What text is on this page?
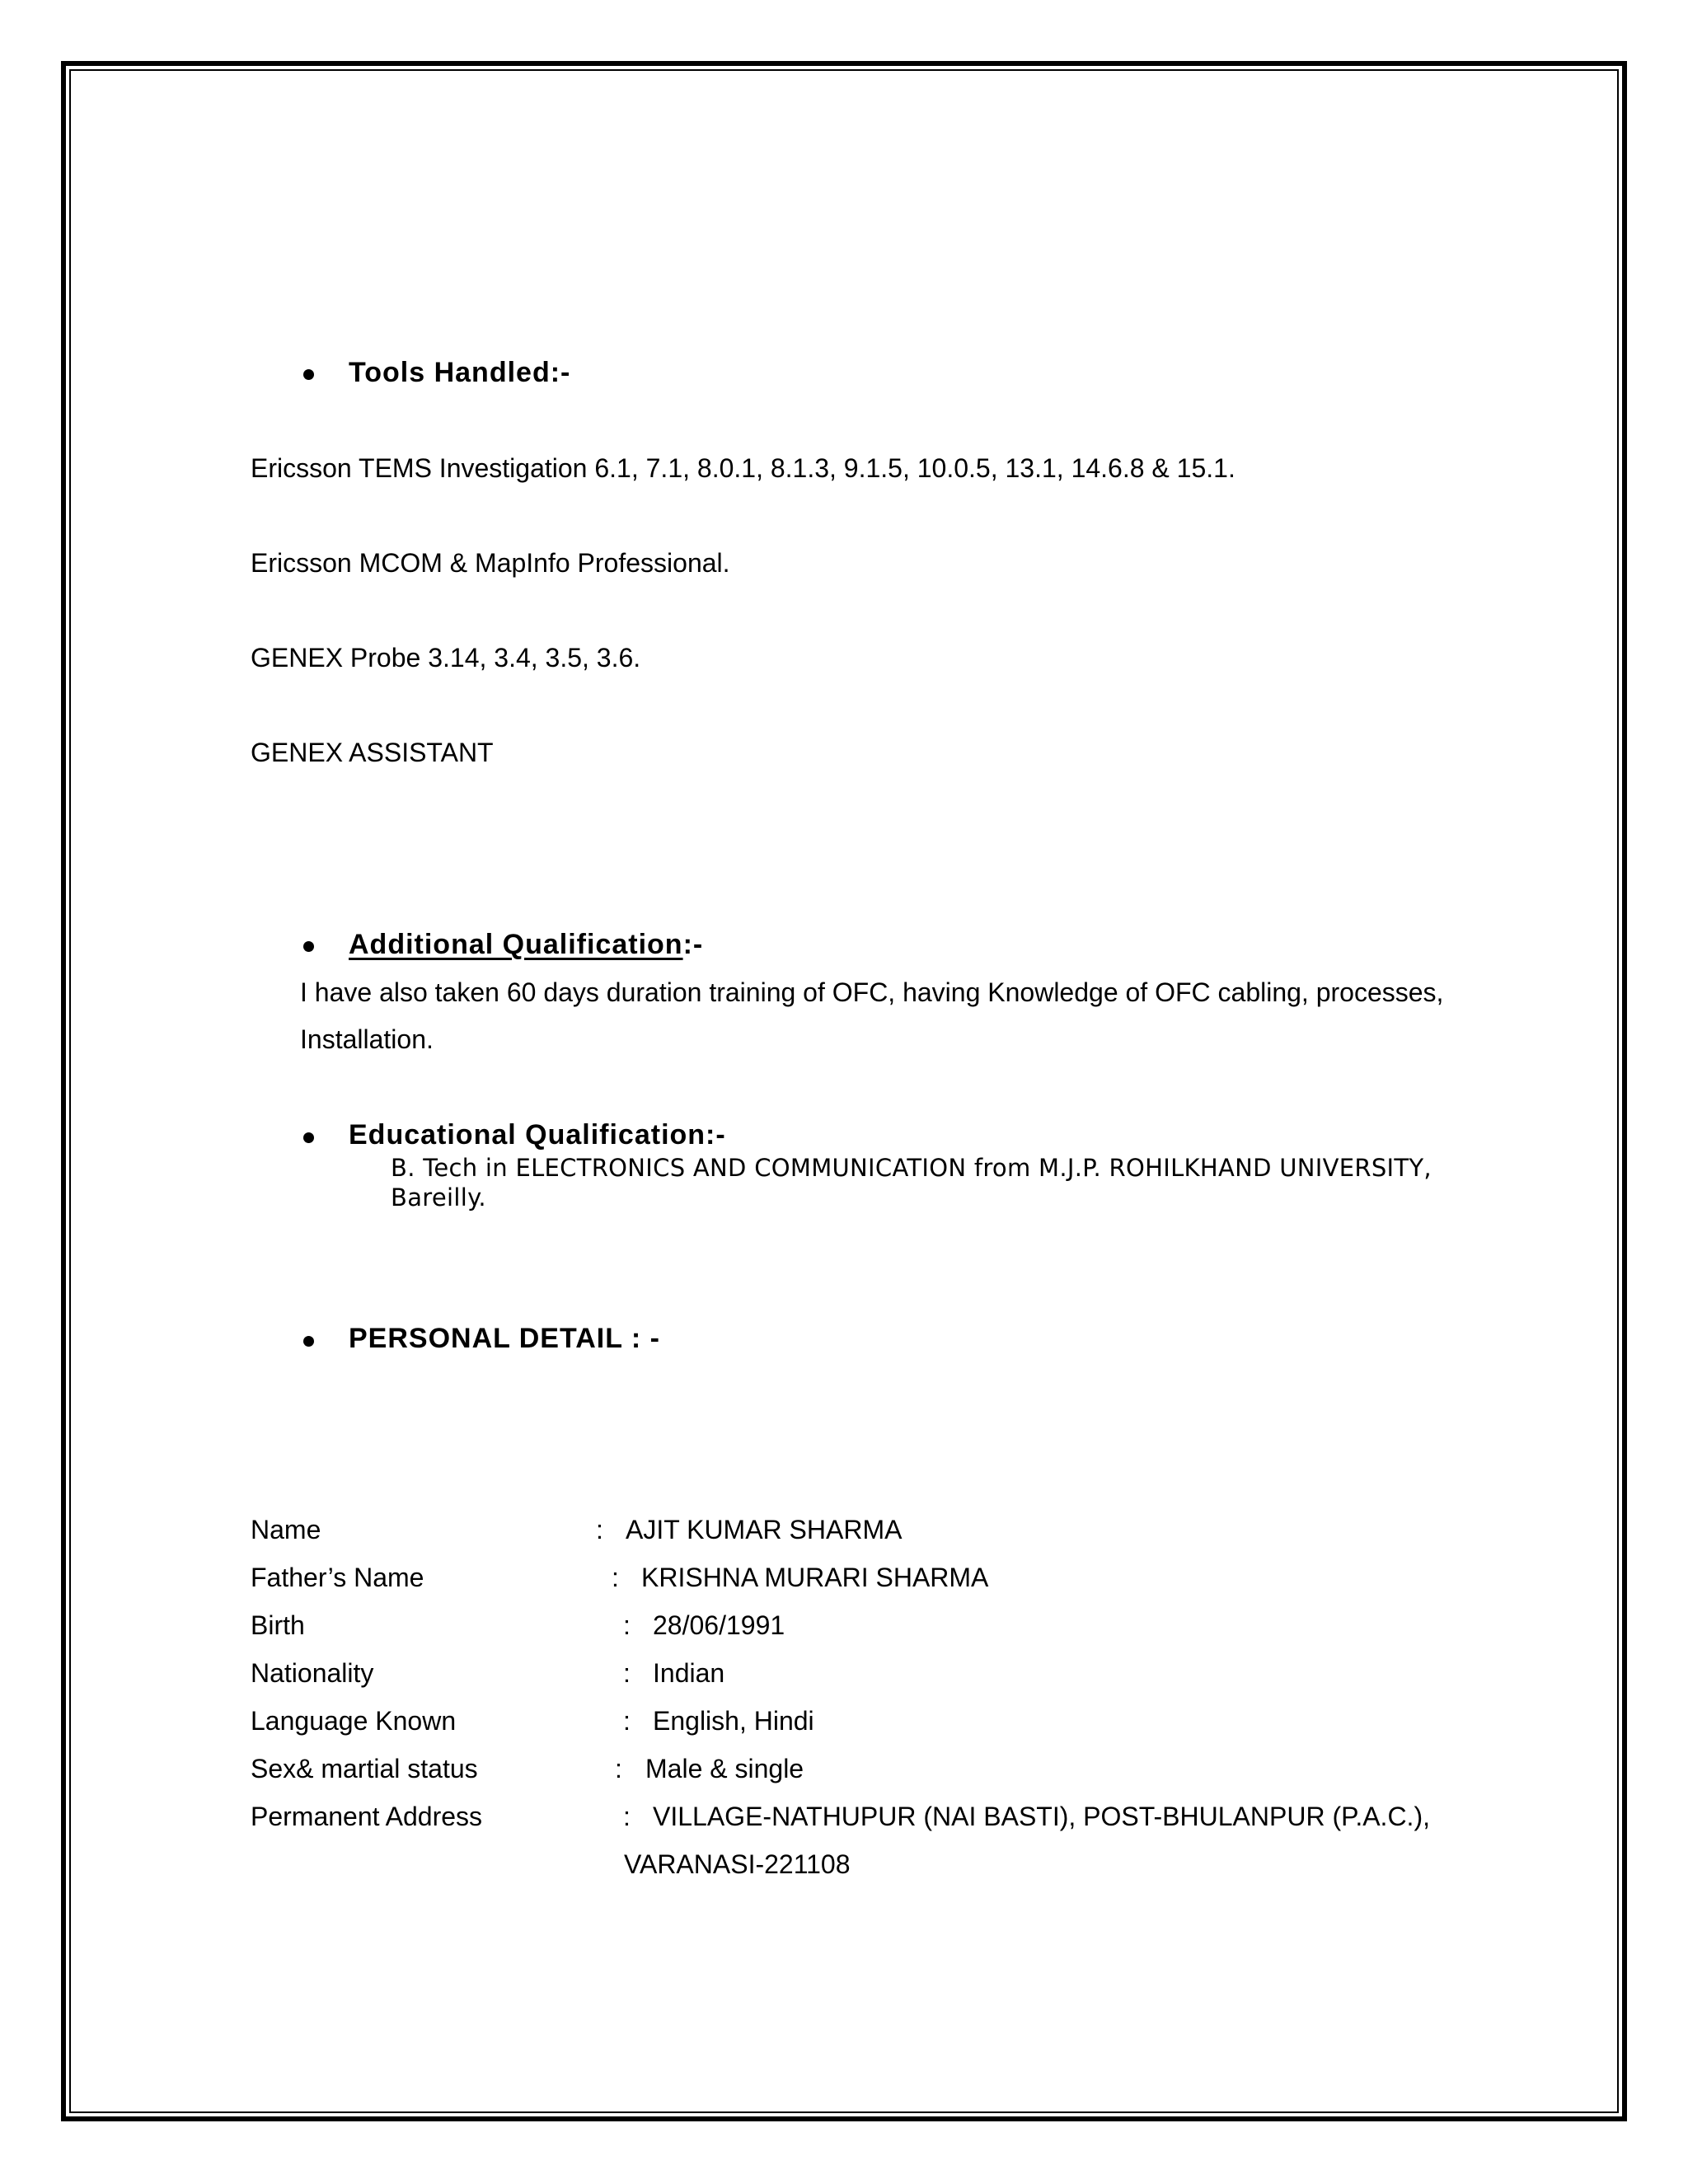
Tools Handled:-
Ericsson TEMS Investigation 6.1, 7.1, 8.0.1, 8.1.3, 9.1.5, 10.0.5, 13.1, 14.6.8 & 15.1.
Ericsson MCOM & MapInfo Professional.
GENEX Probe 3.14, 3.4, 3.5, 3.6.
GENEX ASSISTANT
Additional Qualification:-
I have also taken 60 days duration training of OFC, having Knowledge of OFC cabling, processes,
Installation.
Educational Qualification:-
B. Tech in ELECTRONICS AND COMMUNICATION from M.J.P. ROHILKHAND UNIVERSITY,
Bareilly.
PERSONAL DETAIL : -
Name	: AJIT KUMAR SHARMA
Father’s Name	: KRISHNA MURARI SHARMA
Birth	: 28/06/1991
Nationality	: Indian
Language Known	: English, Hindi
Sex& martial status	: Male & single
Permanent Address	: VILLAGE-NATHUPUR (NAI BASTI), POST-BHULANPUR (P.A.C.),
VARANASI-221108
